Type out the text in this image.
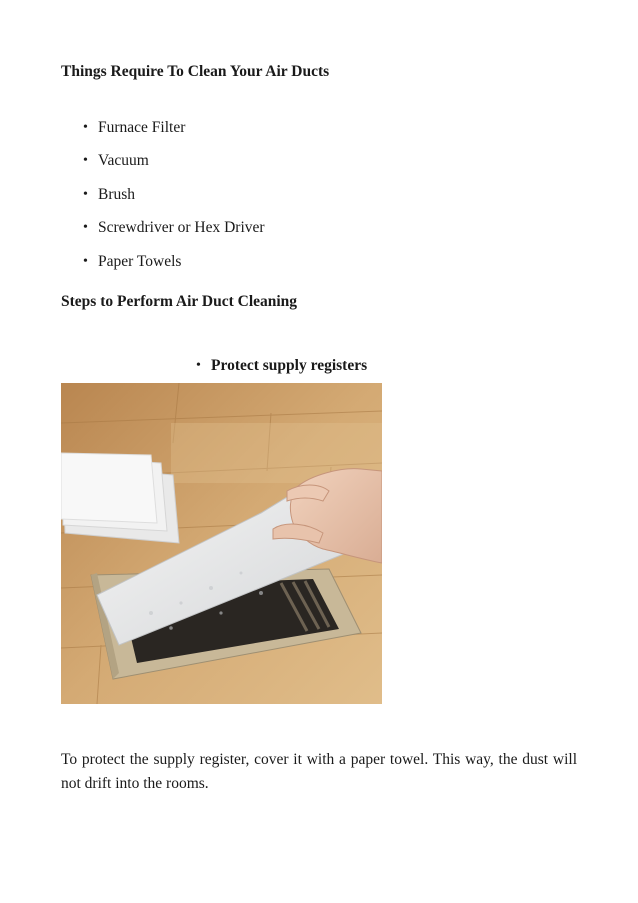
Things Require To Clean Your Air Ducts
• Furnace Filter
• Vacuum
• Brush
• Screwdriver or Hex Driver
• Paper Towels
Steps to Perform Air Duct Cleaning
• Protect supply registers

To protect the supply register, cover it with a paper towel. This way, the dust will not drift into the rooms.
